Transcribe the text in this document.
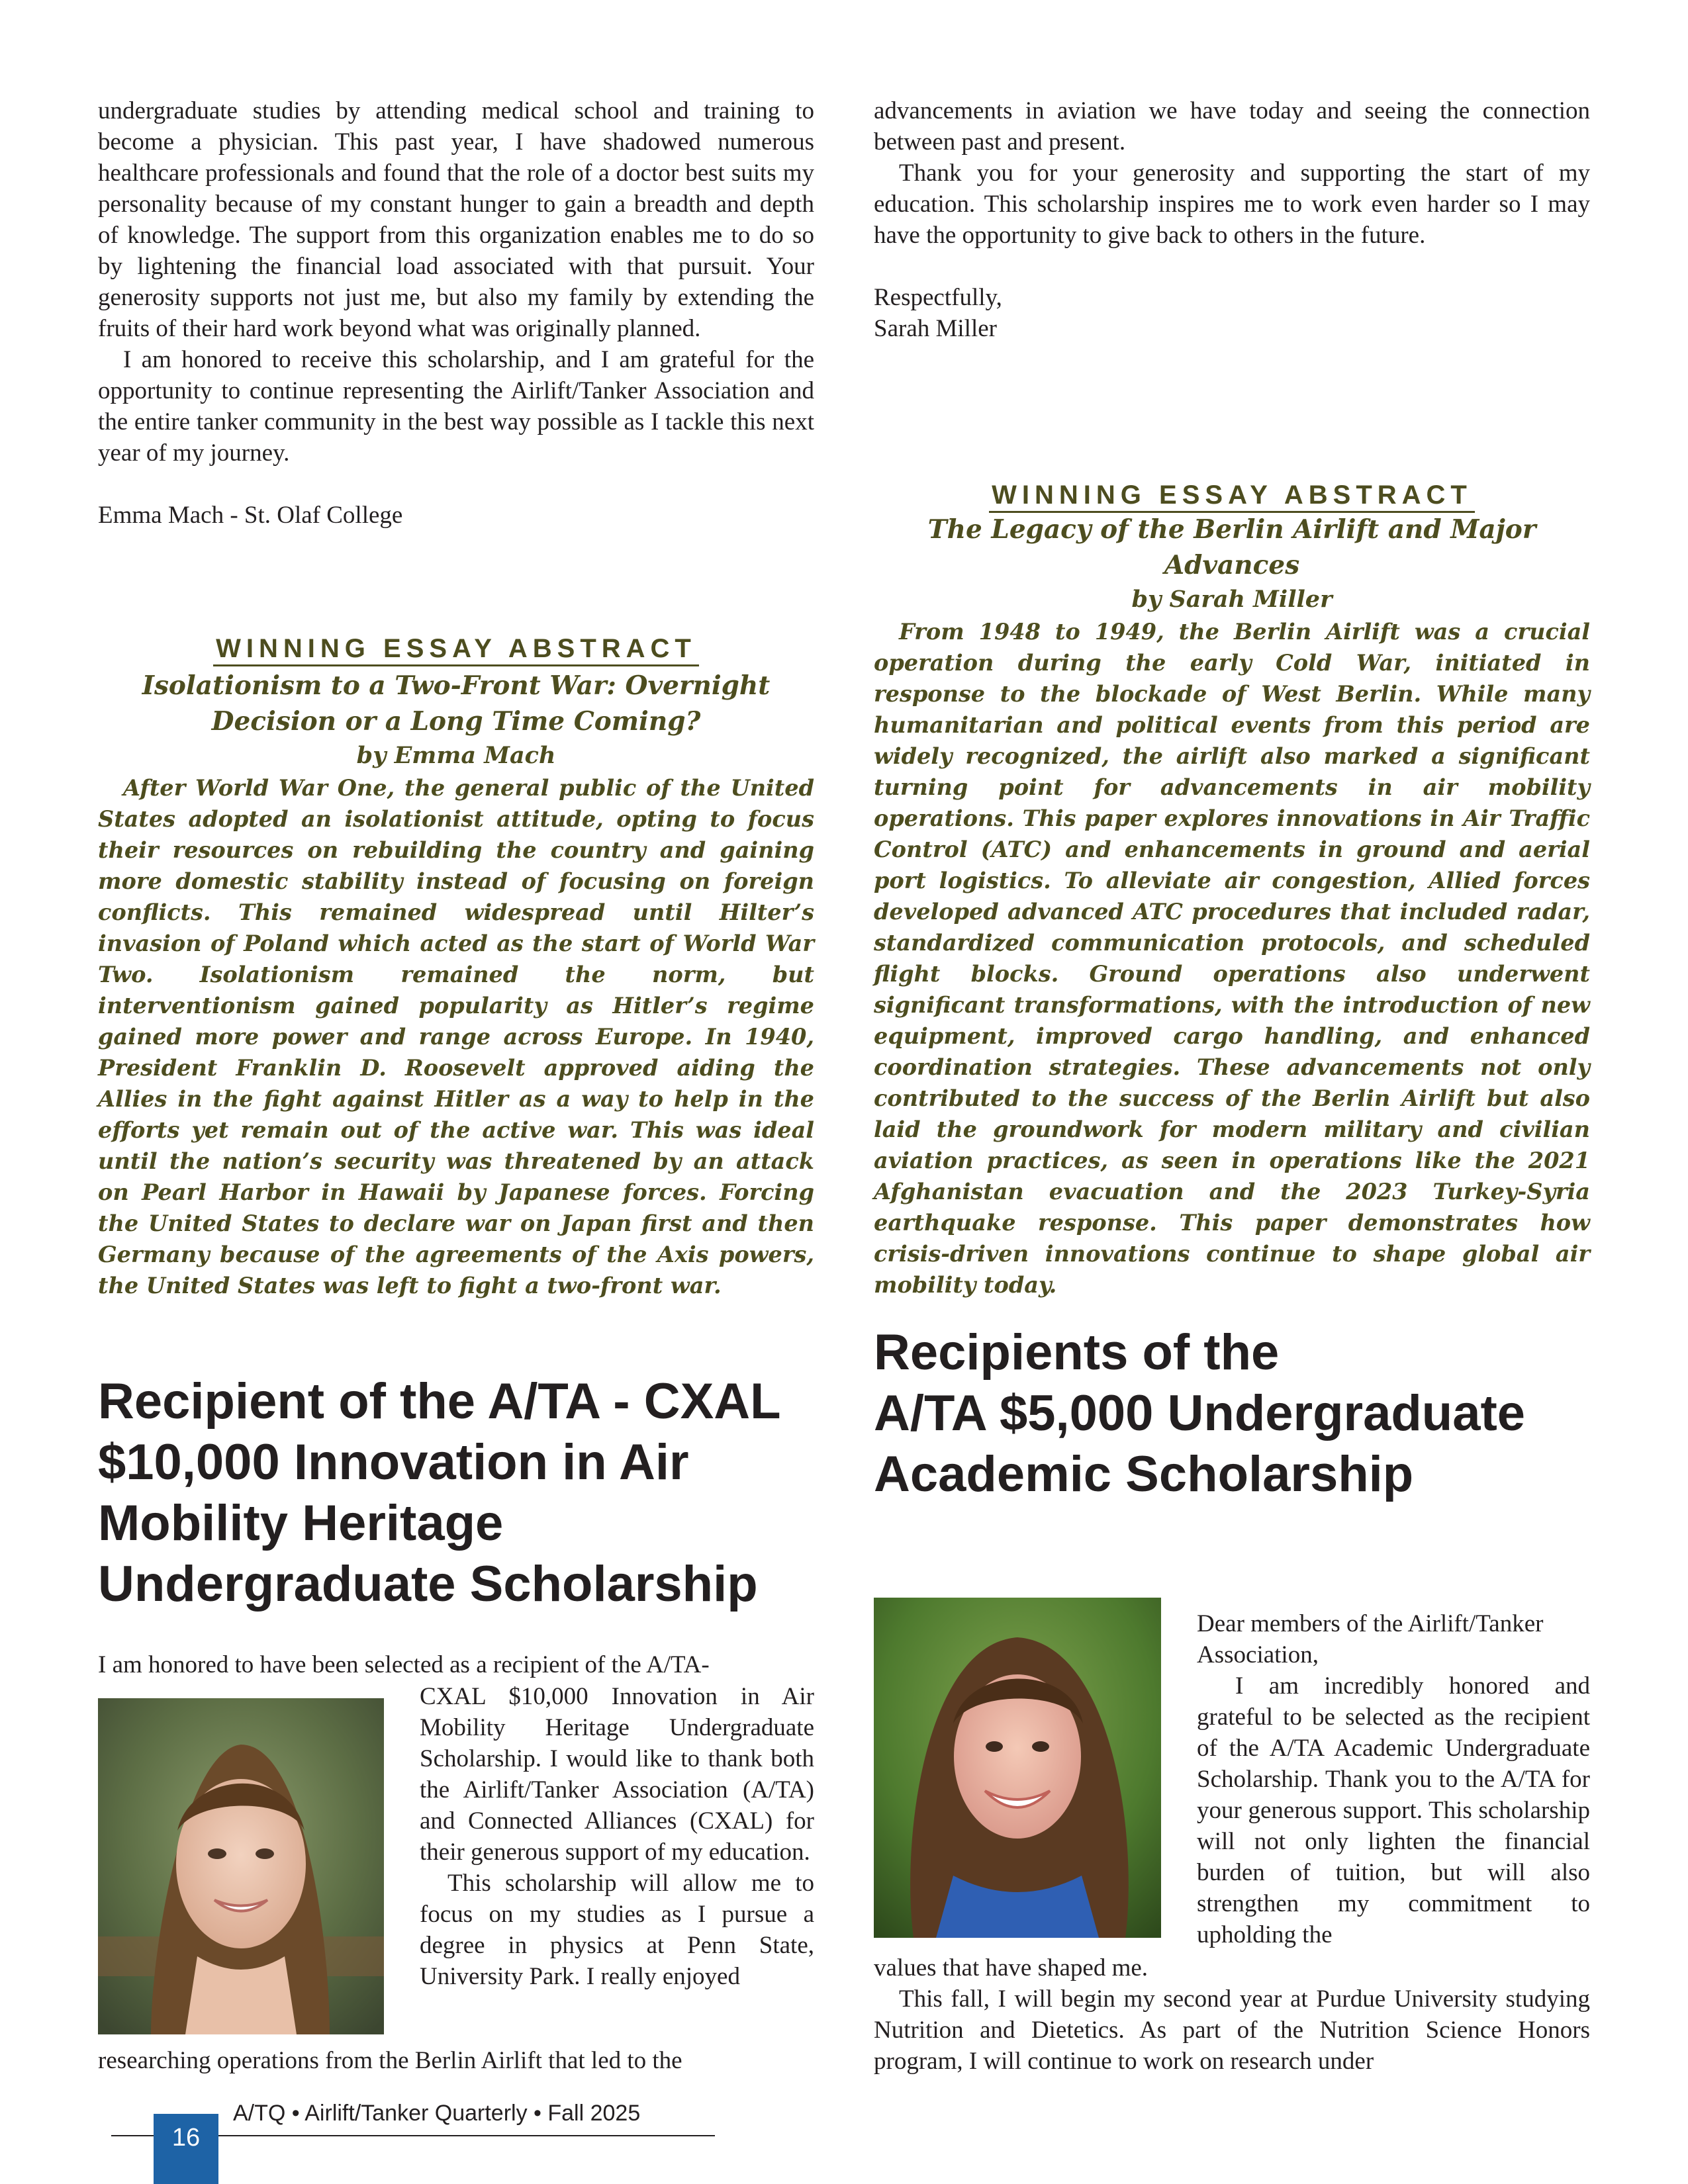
undergraduate studies by attending medical school and training to become a physician. This past year, I have shadowed numerous healthcare professionals and found that the role of a doctor best suits my personality because of my constant hunger to gain a breadth and depth of knowledge. The support from this organization enables me to do so by lightening the financial load associated with that pursuit. Your generosity supports not just me, but also my family by extending the fruits of their hard work beyond what was originally planned.

I am honored to receive this scholarship, and I am grateful for the opportunity to continue representing the Airlift/Tanker Association and the entire tanker community in the best way possible as I tackle this next year of my journey.

Emma Mach - St. Olaf College

WINNING ESSAY ABSTRACT

Isolationism to a Two-Front War: Overnight

Decision or a Long Time Coming?

by Emma Mach

After World War One, the general public of the United States adopted an isolationist attitude, opting to focus their resources on rebuilding the country and gaining more domestic stability instead of focusing on foreign conflicts. This remained widespread until Hilter’s invasion of Poland which acted as the start of World War Two. Isolationism remained the norm, but interventionism gained popularity as Hitler’s regime gained more power and range across Europe. In 1940, President Franklin D. Roosevelt approved aiding the Allies in the fight against Hitler as a way to help in the efforts yet remain out of the active war. This was ideal until the nation’s security was threatened by an attack on Pearl Harbor in Hawaii by Japanese forces. Forcing the United States to declare war on Japan first and then Germany because of the agreements of the Axis powers, the United States was left to fight a two-front war.

advancements in aviation we have today and seeing the connection between past and present.

Thank you for your generosity and supporting the start of my education. This scholarship inspires me to work even harder so I may have the opportunity to give back to others in the future.

Respectfully,
Sarah Miller

WINNING ESSAY ABSTRACT

The Legacy of the Berlin Airlift and Major Advances

by Sarah Miller

From 1948 to 1949, the Berlin Airlift was a crucial operation during the early Cold War, initiated in response to the blockade of West Berlin. While many humanitarian and political events from this period are widely recognized, the airlift also marked a significant turning point for advancements in air mobility operations. This paper explores innovations in Air Traffic Control (ATC) and enhancements in ground and aerial port logistics. To alleviate air congestion, Allied forces developed advanced ATC procedures that included radar, standardized communication protocols, and scheduled flight blocks. Ground operations also underwent significant transformations, with the introduction of new equipment, improved cargo handling, and enhanced coordination strategies. These advancements not only contributed to the success of the Berlin Airlift but also laid the groundwork for modern military and civilian aviation practices, as seen in operations like the 2021 Afghanistan evacuation and the 2023 Turkey-Syria earthquake response. This paper demonstrates how crisis-driven innovations continue to shape global air mobility today.

Recipient of the A/TA - CXAL

$10,000 Innovation in Air

Mobility Heritage

Undergraduate Scholarship

I am honored to have been selected as a recipient of the A/TA-

CXAL $10,000 Innovation in Air Mobility Heritage Undergraduate Scholarship. I would like to thank both the Airlift/Tanker Association (A/TA) and Connected Alliances (CXAL) for their generous support of my education.

This scholarship will allow me to focus on my studies as I pursue a degree in physics at Penn State, University Park. I really enjoyed

researching operations from the Berlin Airlift that led to the

Recipients of the

A/TA $5,000 Undergraduate

Academic Scholarship

Dear members of the Airlift/Tanker Association,

I am incredibly honored and grateful to be selected as the recipient of the A/TA Academic Undergraduate Scholarship. Thank you to the A/TA for your generous support. This scholarship will not only lighten the financial burden of tuition, but will also strengthen my commitment to upholding the

values that have shaped me.

This fall, I will begin my second year at Purdue University studying Nutrition and Dietetics. As part of the Nutrition Science Honors program, I will continue to work on research under

16
A/TQ • Airlift/Tanker Quarterly • Fall 2025
